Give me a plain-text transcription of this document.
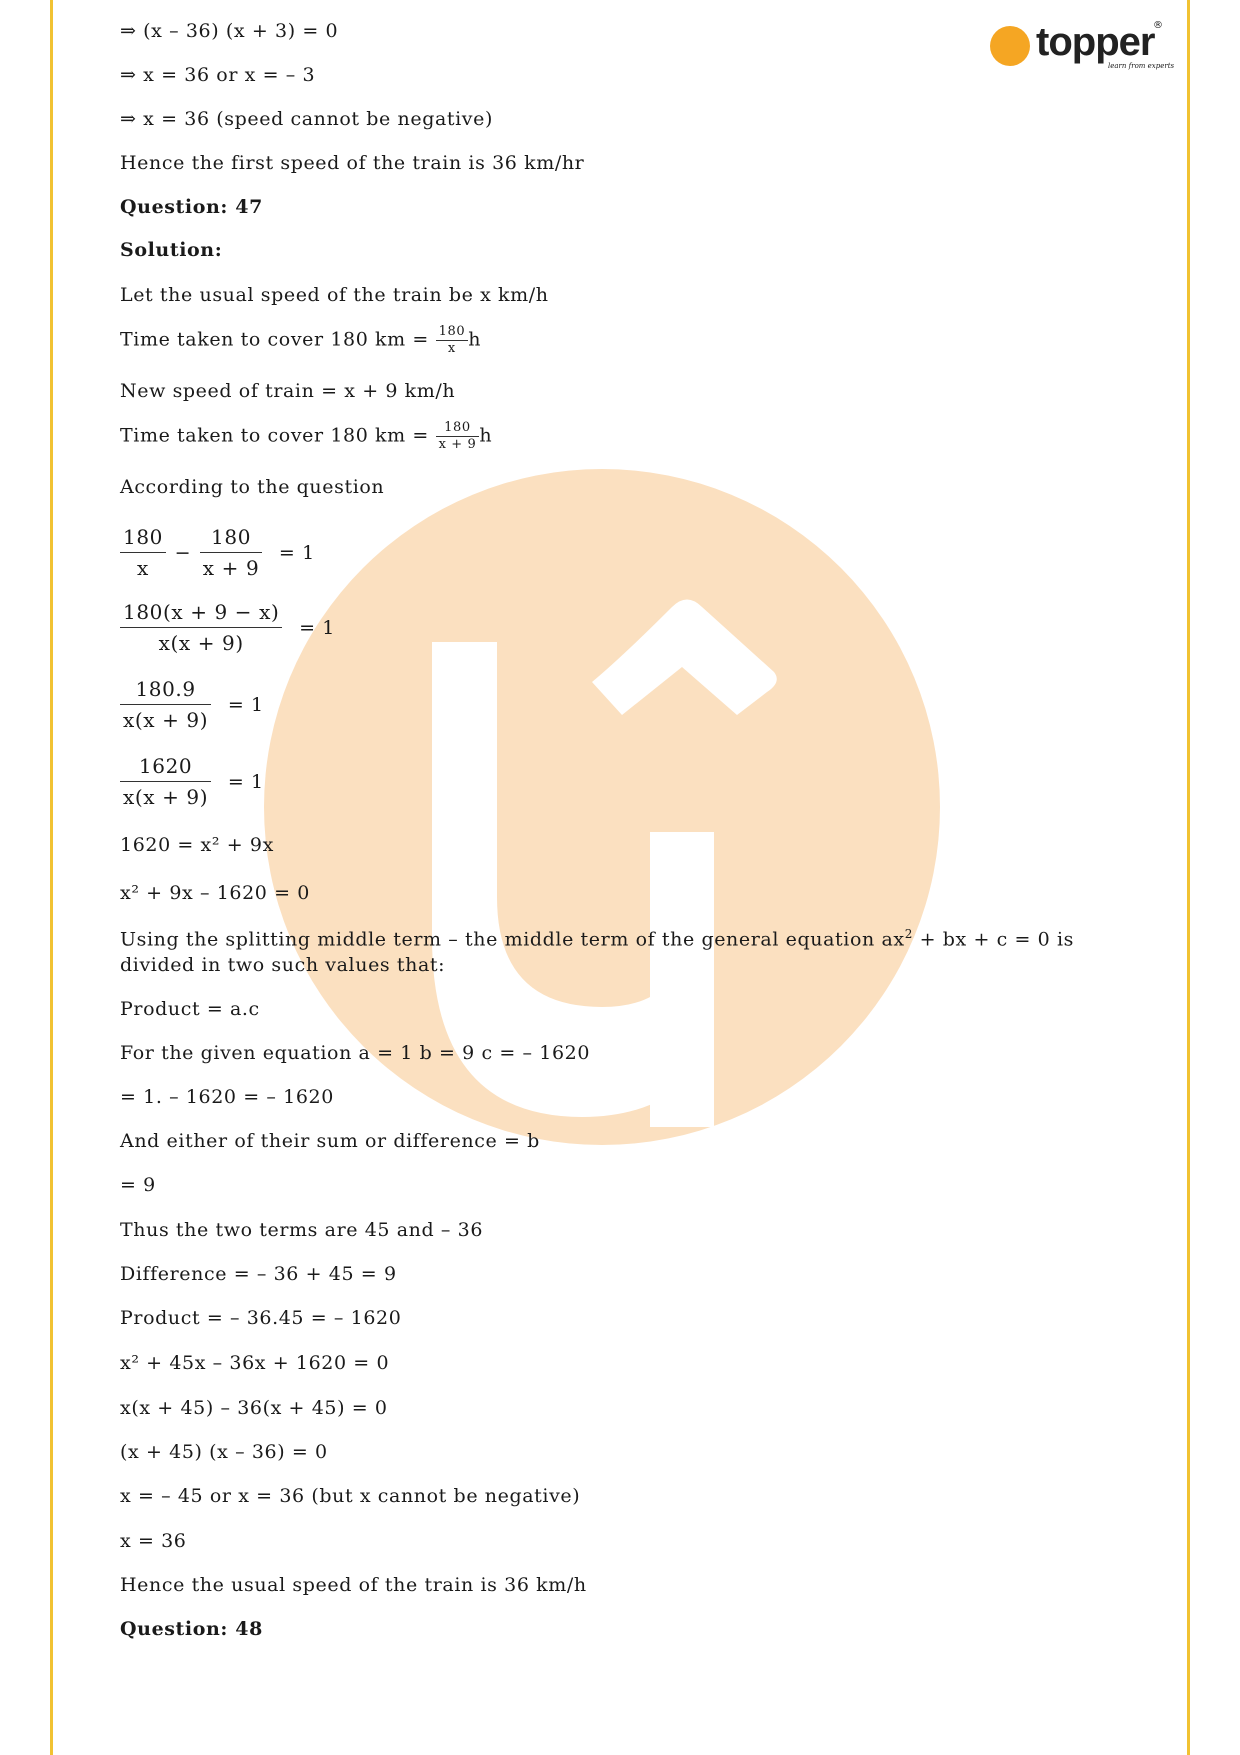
topper
®
learn from experts
⇒ (x – 36) (x + 3) = 0
⇒ x = 36 or x = – 3
⇒ x = 36 (speed cannot be negative)
Hence the first speed of the train is 36 km/hr
Question: 47
Solution:
Let the usual speed of the train be x km/h
Time taken to cover 180 km = $\frac{180}{x}$ h
New speed of train = x + 9 km/h
Time taken to cover 180 km = $\frac{180}{x + 9}$ h
According to the question
$\frac{180}{x} - \frac{180}{x + 9} = 1$
$\frac{180(x + 9 - x)}{x(x + 9)} = 1$
$\frac{180.9}{x(x + 9)} = 1$
$\frac{1620}{x(x + 9)} = 1$
1620 = x² + 9x
x² + 9x – 1620 = 0
Using the splitting middle term – the middle term of the general equation $ax^2$ + bx + c = 0 is
divided in two such values that:
Product = a.c
For the given equation a = 1 b = 9 c = – 1620
= 1. – 1620 = – 1620
And either of their sum or difference = b
= 9
Thus the two terms are 45 and – 36
Difference = – 36 + 45 = 9
Product = – 36.45 = – 1620
x² + 45x – 36x + 1620 = 0
x(x + 45) – 36(x + 45) = 0
(x + 45) (x – 36) = 0
x = – 45 or x = 36 (but x cannot be negative)
x = 36
Hence the usual speed of the train is 36 km/h
Question: 48
